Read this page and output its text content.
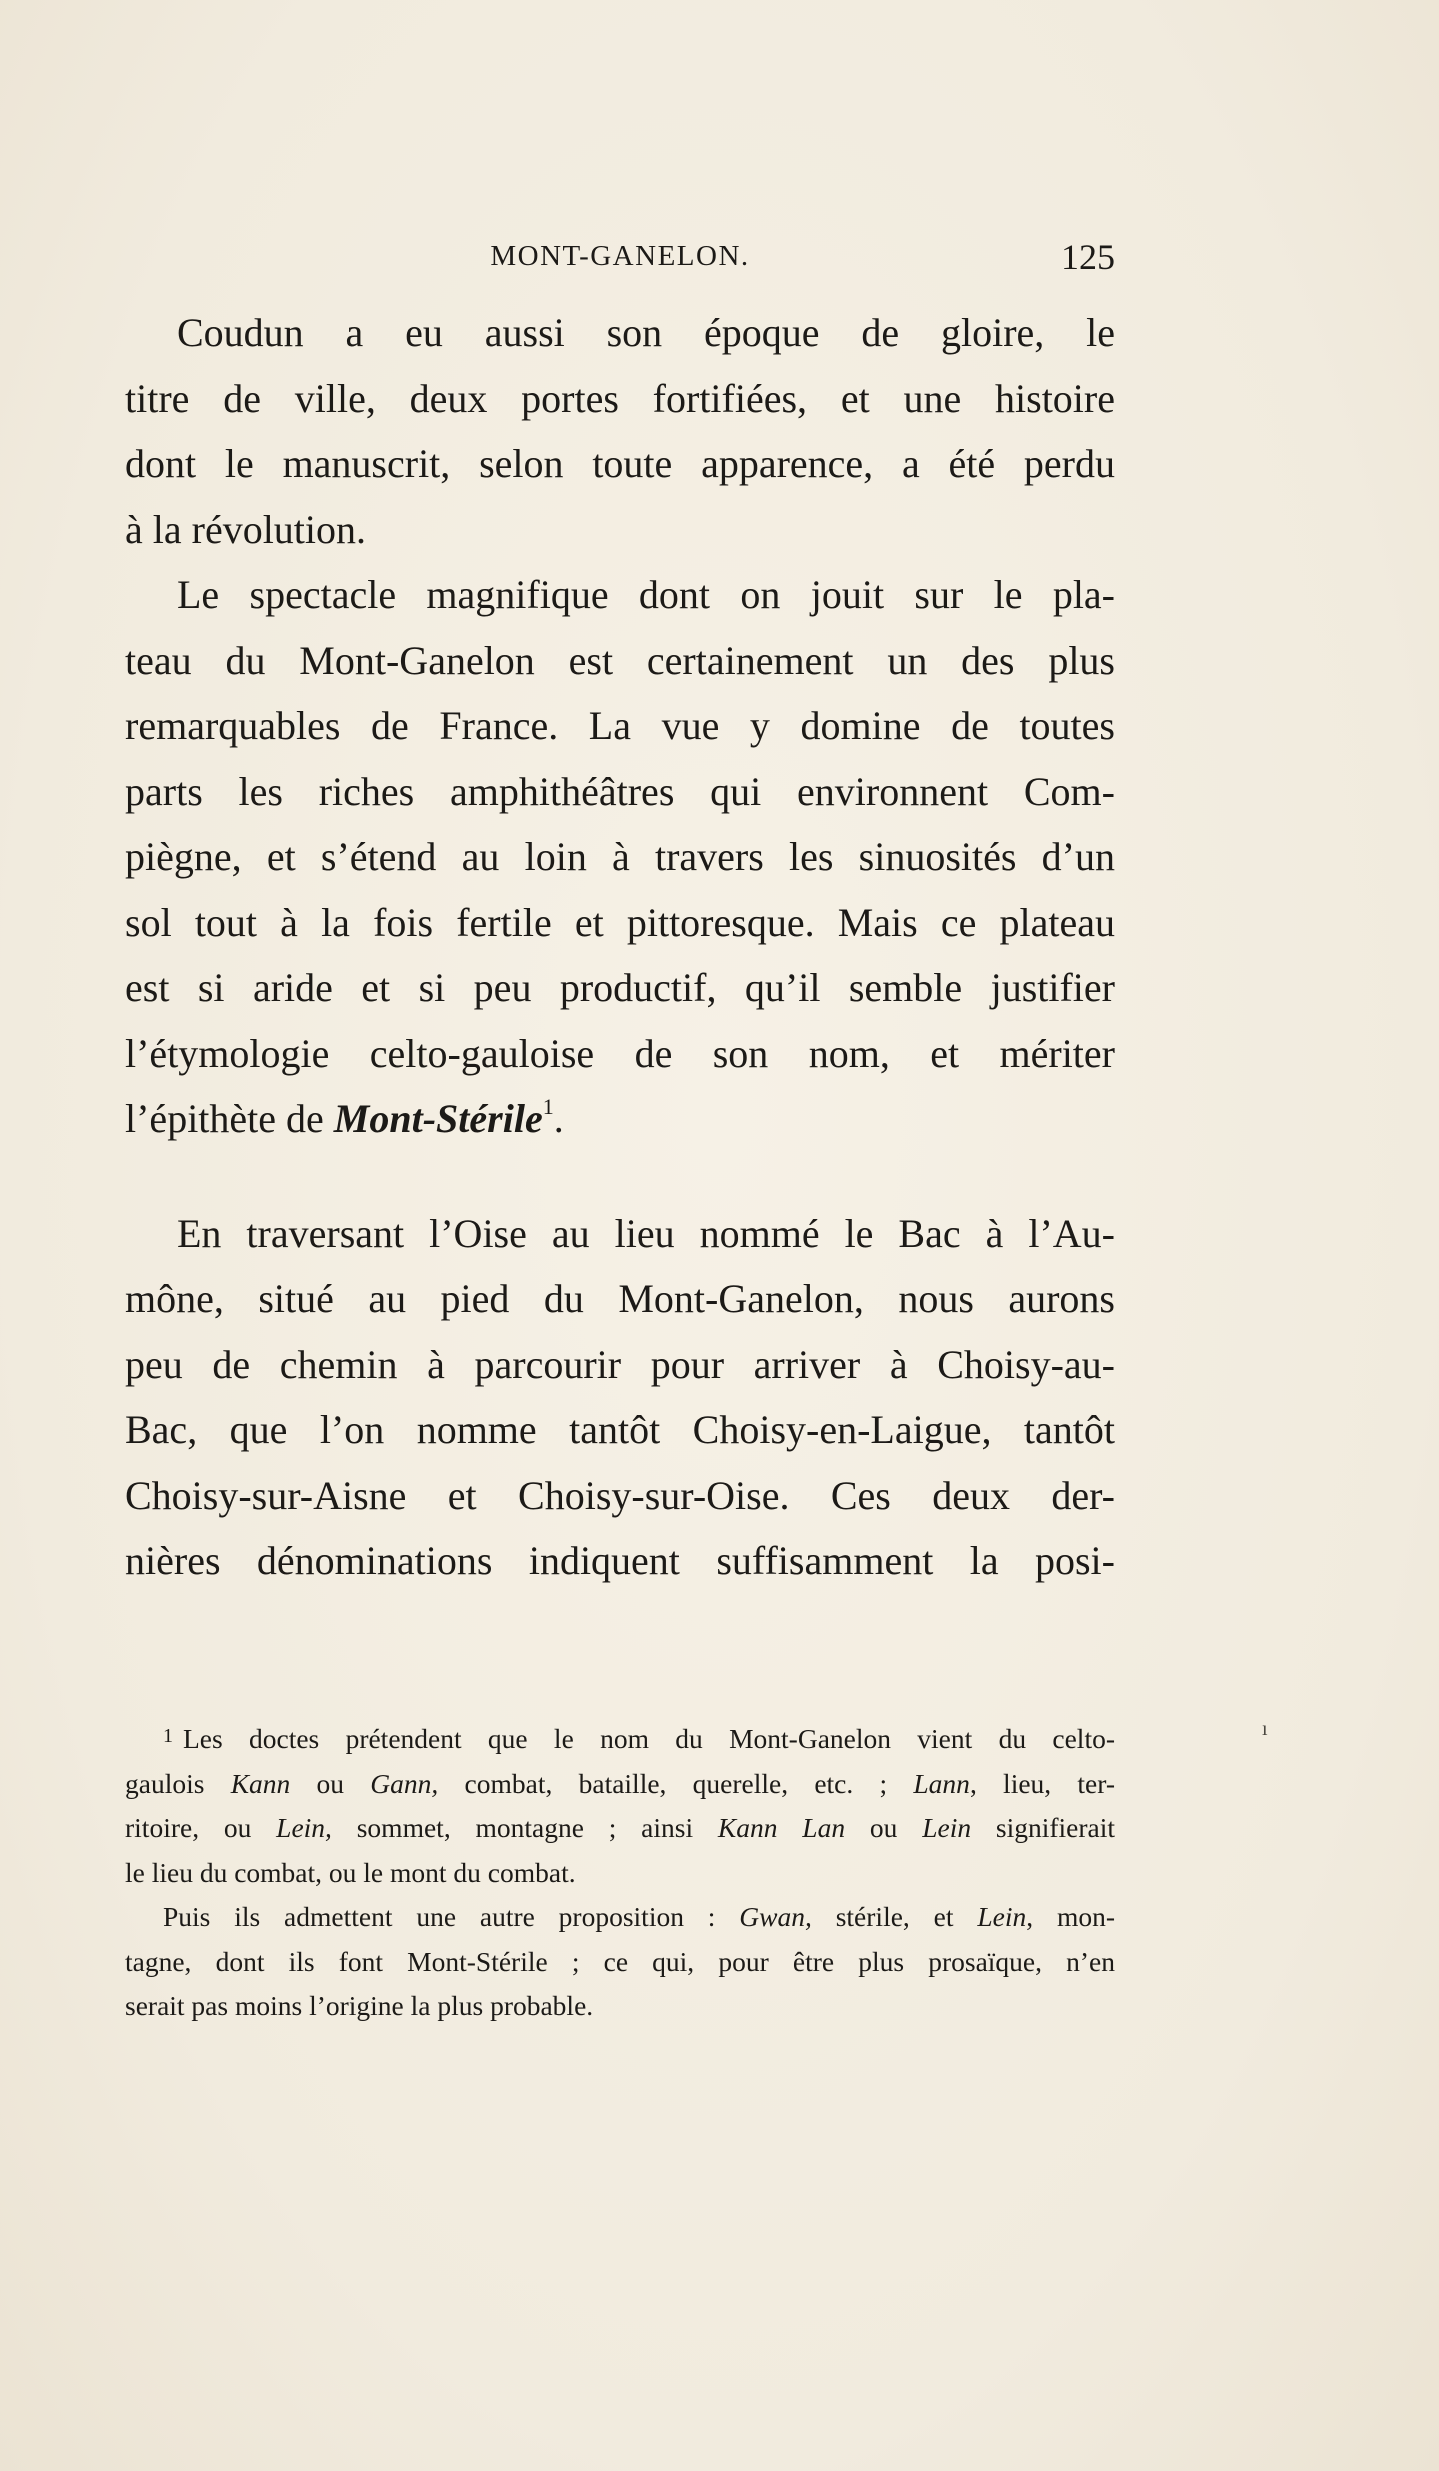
MONT-GANELON.	125

Coudun a eu aussi son époque de gloire, le
titre de ville, deux portes fortifiées, et une histoire
dont le manuscrit, selon toute apparence, a été perdu
à la révolution.

Le spectacle magnifique dont on jouit sur le pla-
teau du Mont-Ganelon est certainement un des plus
remarquables de France. La vue y domine de toutes
parts les riches amphithéâtres qui environnent Com-
piègne, et s’étend au loin à travers les sinuosités d’un
sol tout à la fois fertile et pittoresque. Mais ce plateau
est si aride et si peu productif, qu’il semble justifier
l’étymologie celto-gauloise de son nom, et mériter
l’épithète de Mont-Stérile$^1$.

En traversant l’Oise au lieu nommé le Bac à l’Au-
mône, situé au pied du Mont-Ganelon, nous aurons
peu de chemin à parcourir pour arriver à Choisy-au-
Bac, que l’on nomme tantôt Choisy-en-Laigue, tantôt
Choisy-sur-Aisne et Choisy-sur-Oise. Ces deux der-
nières dénominations indiquent suffisamment la posi-

$^1$ Les doctes prétendent que le nom du Mont-Ganelon vient du celto-
gaulois Kann ou Gann, combat, bataille, querelle, etc. ; Lann, lieu, ter-
ritoire, ou Lein, sommet, montagne ; ainsi Kann Lan ou Lein signifierait
le lieu du combat, ou le mont du combat.
Puis ils admettent une autre proposition : Gwan, stérile, et Lein, mon-
tagne, dont ils font Mont-Stérile ; ce qui, pour être plus prosaïque, n’en
serait pas moins l’origine la plus probable.
ı
